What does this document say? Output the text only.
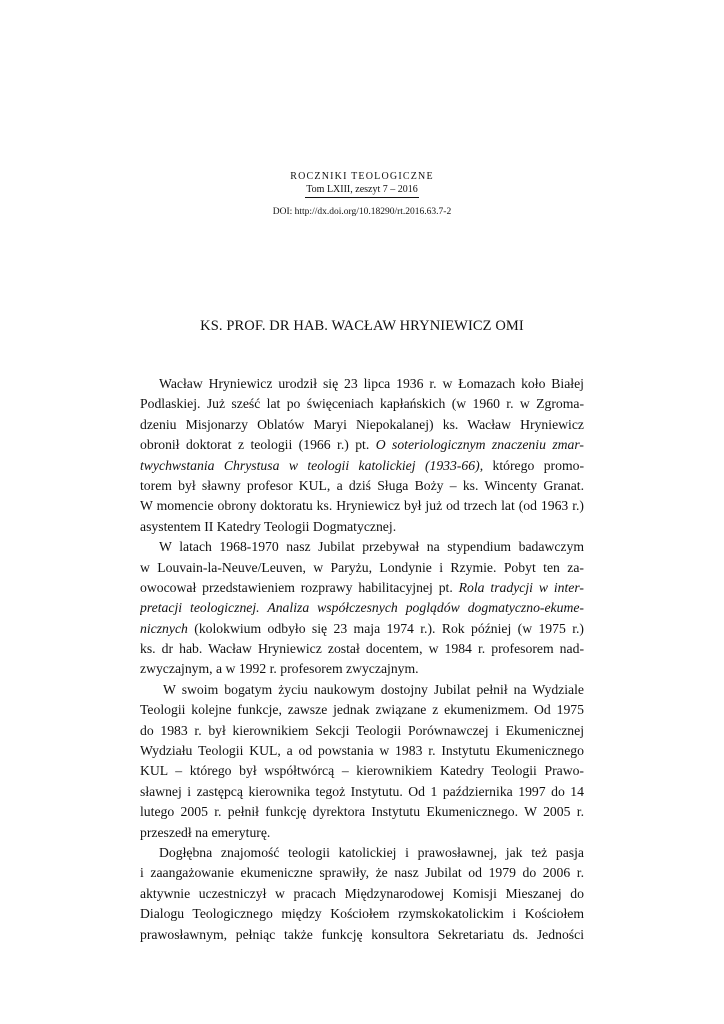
ROCZNIKI TEOLOGICZNE
Tom LXIII, zeszyt 7 – 2016
DOI: http://dx.doi.org/10.18290/rt.2016.63.7-2
KS. PROF. DR HAB. WACŁAW HRYNIEWICZ OMI
Wacław Hryniewicz urodził się 23 lipca 1936 r. w Łomazach koło Białej
Podlaskiej. Już sześć lat po święceniach kapłańskich (w 1960 r. w Zgroma-
dzeniu Misjonarzy Oblatów Maryi Niepokalanej) ks. Wacław Hryniewicz
obronił doktorat z teologii (1966 r.) pt. O soteriologicznym znaczeniu zmar-
twychwstania Chrystusa w teologii katolickiej (1933-66), którego promo-
torem był sławny profesor KUL, a dziś Sługa Boży – ks. Wincenty Granat.
W momencie obrony doktoratu ks. Hryniewicz był już od trzech lat (od 1963 r.)
asystentem II Katedry Teologii Dogmatycznej.
W latach 1968-1970 nasz Jubilat przebywał na stypendium badawczym
w Louvain-la-Neuve/Leuven, w Paryżu, Londynie i Rzymie. Pobyt ten za-
owocował przedstawieniem rozprawy habilitacyjnej pt. Rola tradycji w inter-
pretacji teologicznej. Analiza współczesnych poglądów dogmatyczno-ekume-
nicznych (kolokwium odbyło się 23 maja 1974 r.). Rok później (w 1975 r.)
ks. dr hab. Wacław Hryniewicz został docentem, w 1984 r. profesorem nad-
zwyczajnym, a w 1992 r. profesorem zwyczajnym.
W swoim bogatym życiu naukowym dostojny Jubilat pełnił na Wydziale
Teologii kolejne funkcje, zawsze jednak związane z ekumenizmem. Od 1975
do 1983 r. był kierownikiem Sekcji Teologii Porównawczej i Ekumenicznej
Wydziału Teologii KUL, a od powstania w 1983 r. Instytutu Ekumenicznego
KUL – którego był współtwórcą – kierownikiem Katedry Teologii Prawo-
sławnej i zastępcą kierownika tegoż Instytutu. Od 1 października 1997 do 14
lutego 2005 r. pełnił funkcję dyrektora Instytutu Ekumenicznego. W 2005 r.
przeszedł na emeryturę.
Dogłębna znajomość teologii katolickiej i prawosławnej, jak też pasja
i zaangażowanie ekumeniczne sprawiły, że nasz Jubilat od 1979 do 2006 r.
aktywnie uczestniczył w pracach Międzynarodowej Komisji Mieszanej do
Dialogu Teologicznego między Kościołem rzymskokatolickim i Kościołem
prawosławnym, pełniąc także funkcję konsultora Sekretariatu ds. Jedności
